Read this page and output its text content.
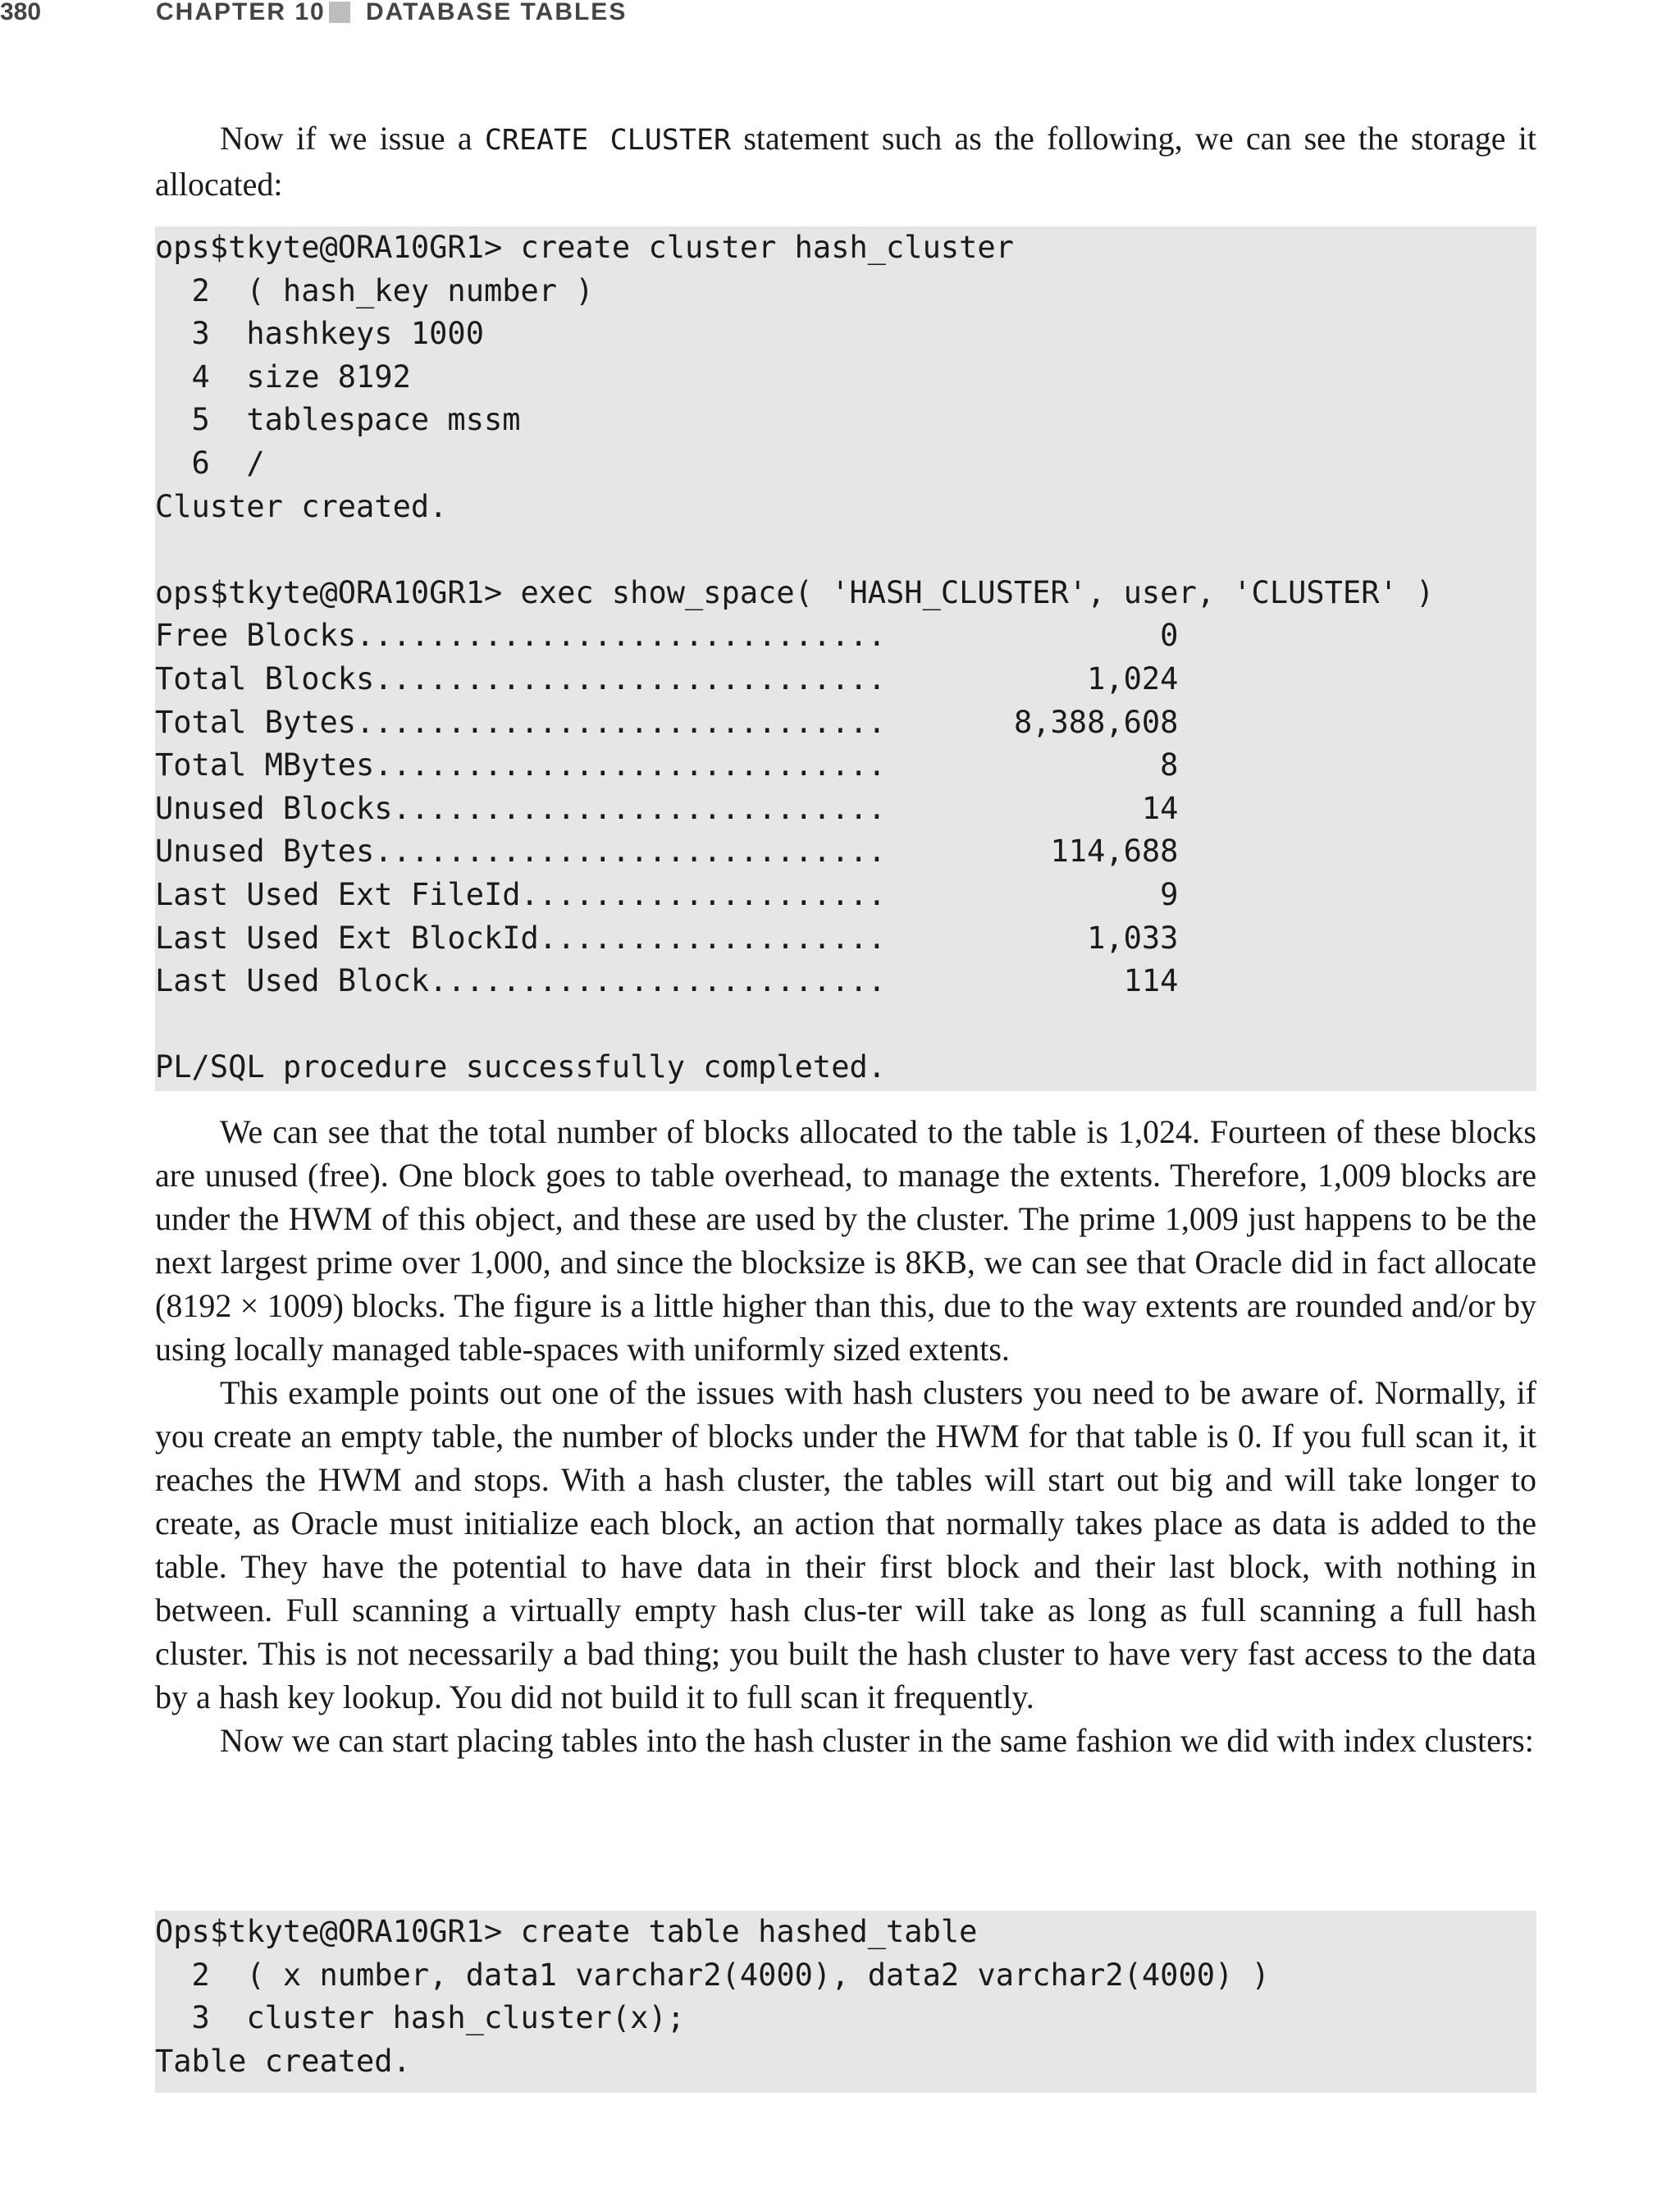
380	CHAPTER 10 DATABASE TABLES

Now if we issue a CREATE CLUSTER statement such as the following, we can see the storage it allocated:

ops$tkyte@ORA10GR1> create cluster hash_cluster
2  ( hash_key number )
3  hashkeys 1000
4  size 8192
5  tablespace mssm
6  /
Cluster created.

ops$tkyte@ORA10GR1> exec show_space( 'HASH_CLUSTER', user, 'CLUSTER' )
Free Blocks.............................               0
Total Blocks............................           1,024
Total Bytes.............................       8,388,608
Total MBytes............................               8
Unused Blocks...........................              14
Unused Bytes............................         114,688
Last Used Ext FileId....................               9
Last Used Ext BlockId...................           1,033
Last Used Block.........................             114

PL/SQL procedure successfully completed.

We can see that the total number of blocks allocated to the table is 1,024. Fourteen of these blocks are unused (free). One block goes to table overhead, to manage the extents. Therefore, 1,009 blocks are under the HWM of this object, and these are used by the cluster. The prime 1,009 just happens to be the next largest prime over 1,000, and since the blocksize is 8KB, we can see that Oracle did in fact allocate (8192 × 1009) blocks. The figure is a little higher than this, due to the way extents are rounded and/or by using locally managed table-spaces with uniformly sized extents.

This example points out one of the issues with hash clusters you need to be aware of. Normally, if you create an empty table, the number of blocks under the HWM for that table is 0. If you full scan it, it reaches the HWM and stops. With a hash cluster, the tables will start out big and will take longer to create, as Oracle must initialize each block, an action that normally takes place as data is added to the table. They have the potential to have data in their first block and their last block, with nothing in between. Full scanning a virtually empty hash clus-ter will take as long as full scanning a full hash cluster. This is not necessarily a bad thing; you built the hash cluster to have very fast access to the data by a hash key lookup. You did not build it to full scan it frequently.

Now we can start placing tables into the hash cluster in the same fashion we did with index clusters:

Ops$tkyte@ORA10GR1> create table hashed_table
2  ( x number, data1 varchar2(4000), data2 varchar2(4000) )
3  cluster hash_cluster(x);
Table created.
